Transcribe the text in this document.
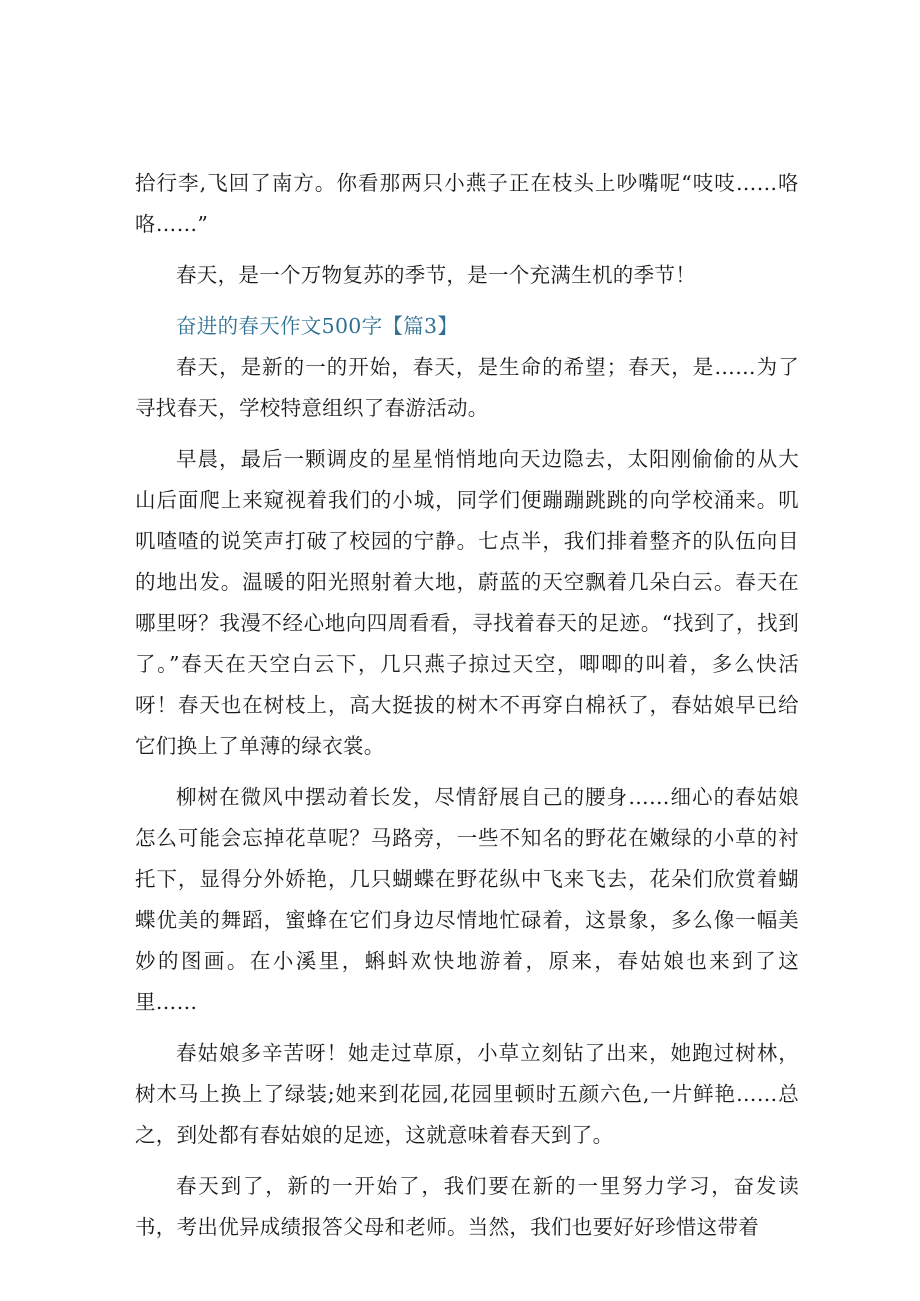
拾行李,飞回了南方。你看那两只小燕子正在枝头上吵嘴呢“吱吱……咯咯……”

春天，是一个万物复苏的季节，是一个充满生机的季节！

奋进的春天作文500字【篇3】

春天，是新的一的开始，春天，是生命的希望；春天，是……为了寻找春天，学校特意组织了春游活动。

早晨，最后一颗调皮的星星悄悄地向天边隐去，太阳刚偷偷的从大山后面爬上来窥视着我们的小城，同学们便蹦蹦跳跳的向学校涌来。叽叽喳喳的说笑声打破了校园的宁静。七点半，我们排着整齐的队伍向目的地出发。温暖的阳光照射着大地，蔚蓝的天空飘着几朵白云。春天在哪里呀？我漫不经心地向四周看看，寻找着春天的足迹。“找到了，找到了。”春天在天空白云下，几只燕子掠过天空，唧唧的叫着，多么快活呀！春天也在树枝上，高大挺拔的树木不再穿白棉袄了，春姑娘早已给它们换上了单薄的绿衣裳。

柳树在微风中摆动着长发，尽情舒展自己的腰身……细心的春姑娘怎么可能会忘掉花草呢？马路旁，一些不知名的野花在嫩绿的小草的衬托下，显得分外娇艳，几只蝴蝶在野花纵中飞来飞去，花朵们欣赏着蝴蝶优美的舞蹈，蜜蜂在它们身边尽情地忙碌着，这景象，多么像一幅美妙的图画。在小溪里，蝌蚪欢快地游着，原来，春姑娘也来到了这里……

春姑娘多辛苦呀！她走过草原，小草立刻钻了出来，她跑过树林，树木马上换上了绿装;她来到花园,花园里顿时五颜六色,一片鲜艳……总之，到处都有春姑娘的足迹，这就意味着春天到了。

春天到了，新的一开始了，我们要在新的一里努力学习，奋发读书，考出优异成绩报答父母和老师。当然，我们也要好好珍惜这带着
